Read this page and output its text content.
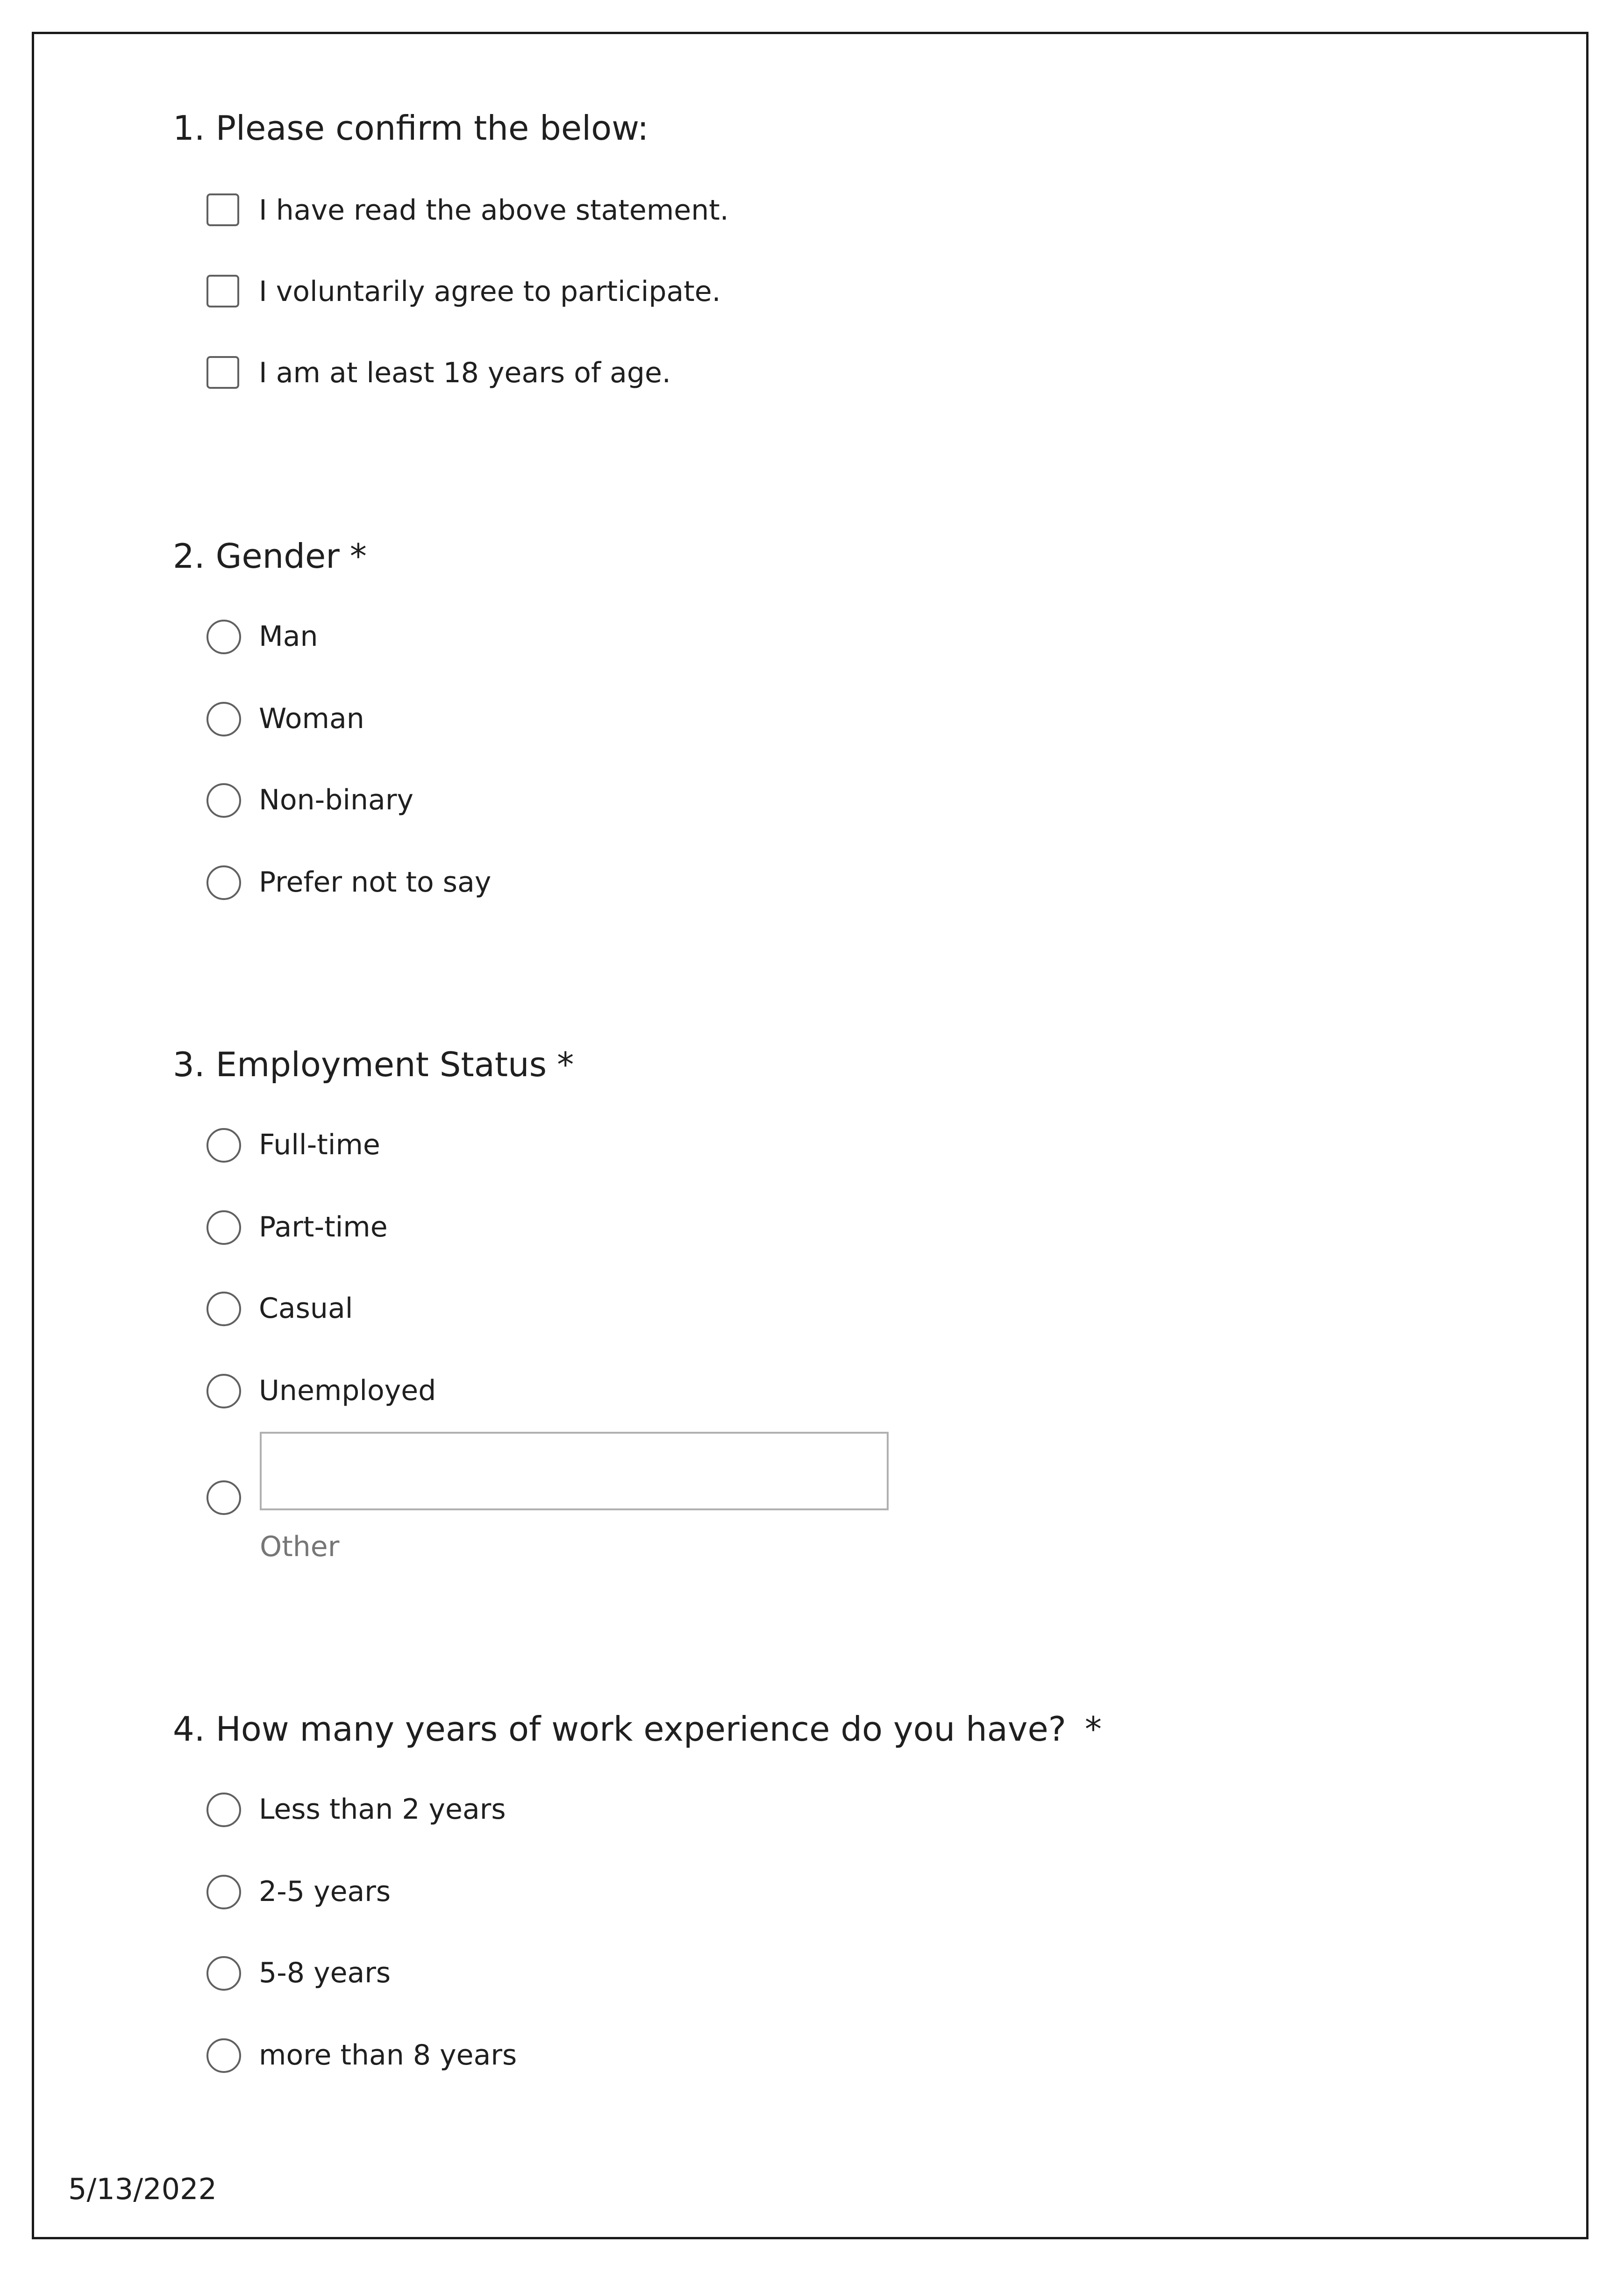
1. Please confirm the below:
I have read the above statement.
I voluntarily agree to participate.
I am at least 18 years of age.
2. Gender *
Man
Woman
Non-binary
Prefer not to say
3. Employment Status *
Full-time
Part-time
Casual
Unemployed
Other
4. How many years of work experience do you have? *
Less than 2 years
2-5 years
5-8 years
more than 8 years
5/13/2022
